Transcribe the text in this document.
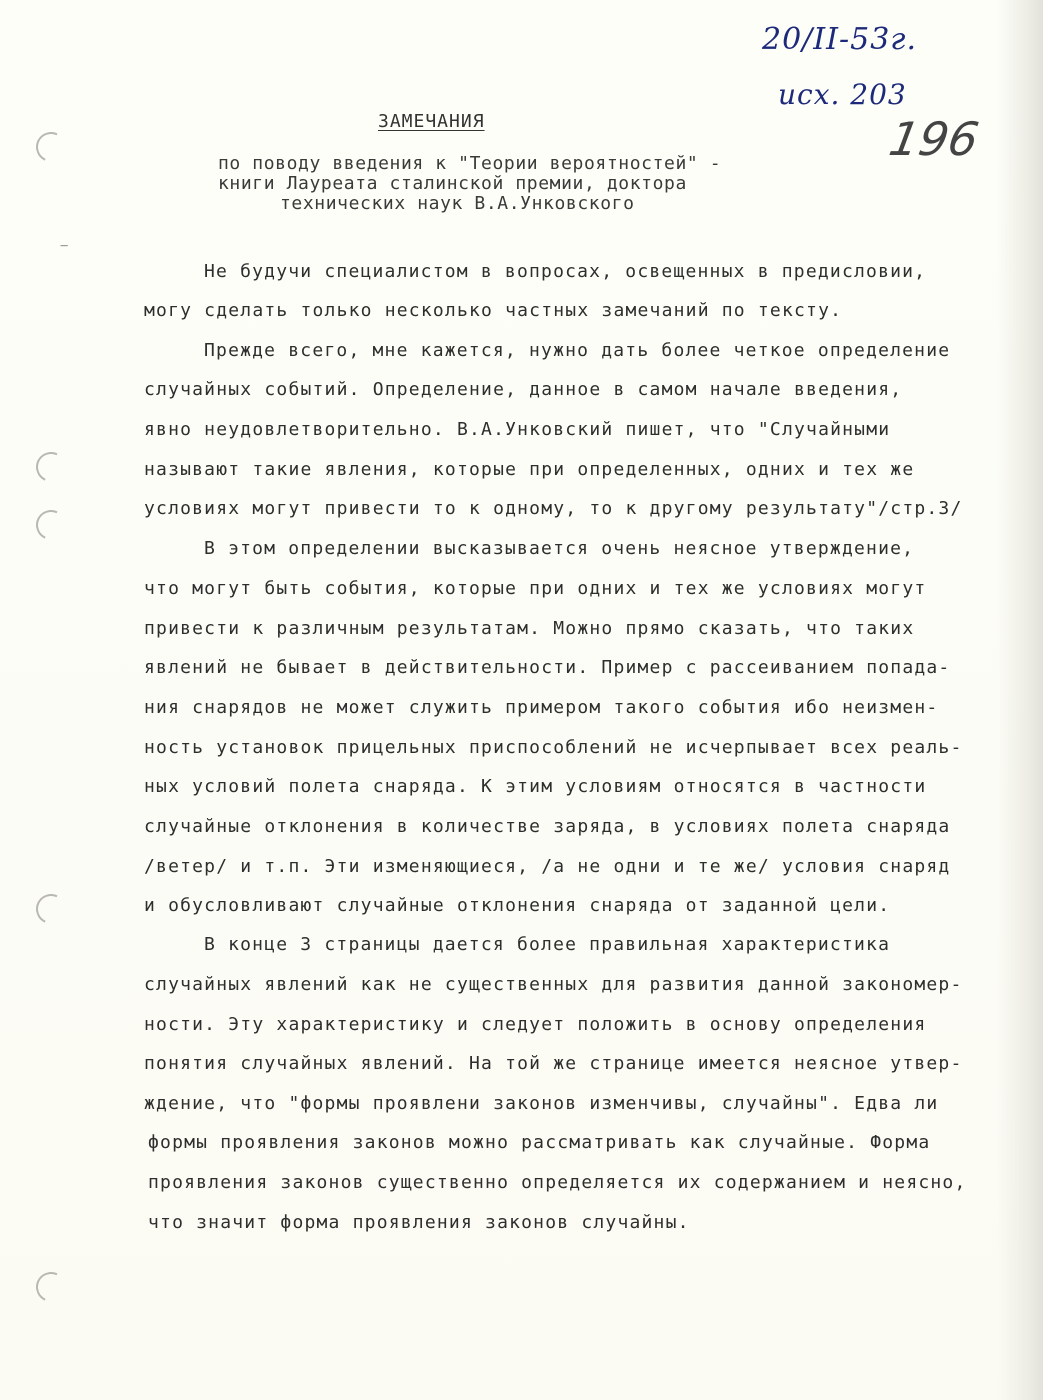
−
20/II-53г.
исх. 203
196
ЗАМЕЧАНИЯ
по поводу введения к "Теории вероятностей" -
книги Лауреата сталинской премии, доктора
технических наук В.А.Унковского
Не будучи специалистом в вопросах, освещенных в предисловии,
могу сделать только несколько частных замечаний по тексту.
Прежде всего, мне кажется, нужно дать более четкое определение
случайных событий. Определение, данное в самом начале введения,
явно неудовлетворительно. В.А.Унковский пишет, что "Случайными
называют такие явления, которые при определенных, одних и тех же
условиях могут привести то к одному, то к другому результату"/стр.3/
В этом определении высказывается очень неясное утверждение,
что могут быть события, которые при одних и тех же условиях могут
привести к различным результатам. Можно прямо сказать, что таких
явлений не бывает в действительности. Пример с рассеиванием попада-
ния снарядов не может служить примером такого события ибо неизмен-
ность установок прицельных приспособлений не исчерпывает всех реаль-
ных условий полета снаряда. К этим условиям относятся в частности
случайные отклонения в количестве заряда, в условиях полета снаряда
/ветер/ и т.п. Эти изменяющиеся, /а не одни и те же/ условия снаряд
и обусловливают случайные отклонения снаряда от заданной цели.
В конце 3 страницы дается более правильная характеристика
случайных явлений как не существенных для развития данной закономер-
ности. Эту характеристику и следует положить в основу определения
понятия случайных явлений. На той же странице имеется неясное утвер-
ждение, что "формы проявлени законов изменчивы, случайны". Едва ли
формы проявления законов можно рассматривать как случайные. Форма
проявления законов существенно определяется их содержанием и неясно,
что значит форма проявления законов случайны.
